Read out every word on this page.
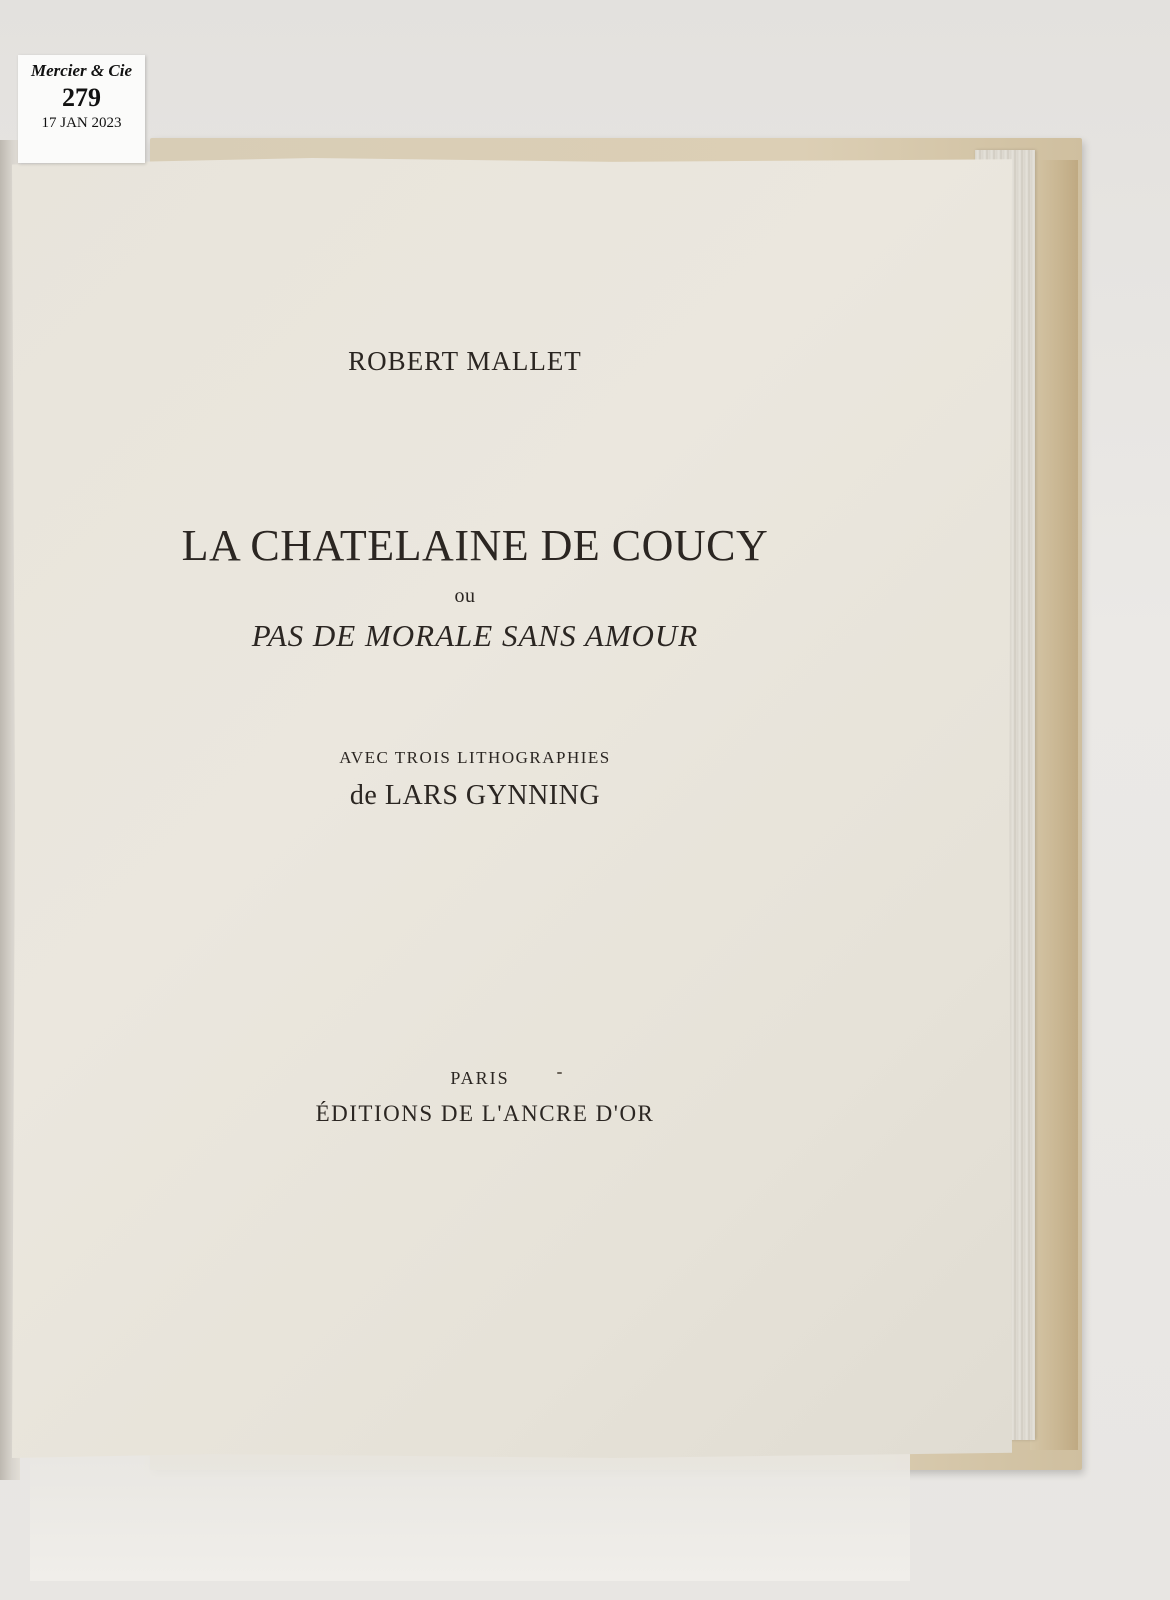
ROBERT MALLET
LA CHATELAINE DE COUCY
ou
PAS DE MORALE SANS AMOUR
AVEC TROIS LITHOGRAPHIES
de LARS GYNNING
PARIS
ÉDITIONS DE L'ANCRE D'OR
Mercier & Cie
279
17 JAN 2023
